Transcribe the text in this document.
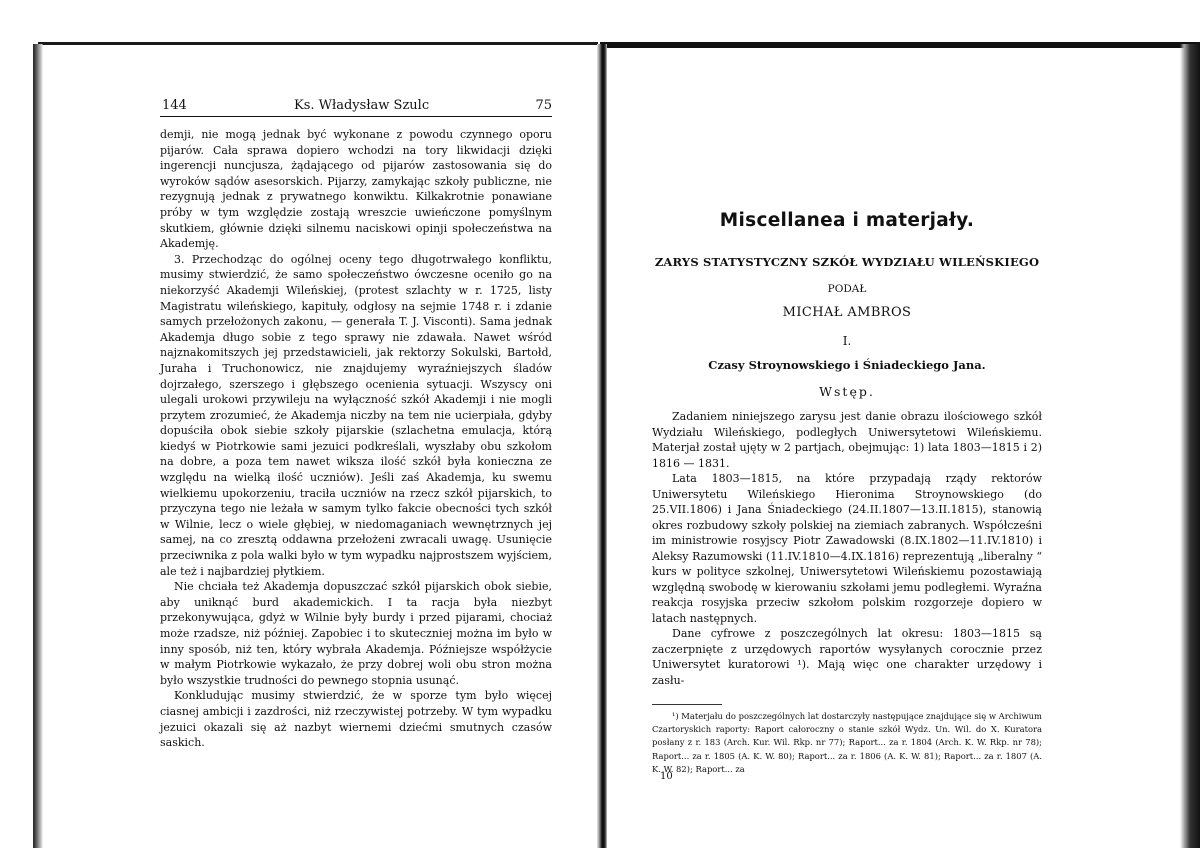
144	Ks. Władysław Szulc	75

demji, nie mogą jednak być wykonane z powodu czynnego oporu pijarów. Cała sprawa dopiero wchodzi na tory likwidacji dzięki ingerencji nuncjusza, żądającego od pijarów zastosowania się do wyroków sądów asesorskich. Pijarzy, zamykając szkoły publiczne, nie rezygnują jednak z prywatnego konwiktu. Kilkakrotnie ponawiane próby w tym względzie zostają wreszcie uwieńczone pomyślnym skutkiem, głównie dzięki silnemu naciskowi opinji społeczeństwa na Akademję.

3. Przechodząc do ogólnej oceny tego długotrwałego konfliktu, musimy stwierdzić, że samo społeczeństwo ówczesne oceniło go na niekorzyść Akademji Wileńskiej, (protest szlachty w r. 1725, listy Magistratu wileńskiego, kapituły, odgłosy na sejmie 1748 r. i zdanie samych przełożonych zakonu, — generała T. J. Visconti). Sama jednak Akademja długo sobie z tego sprawy nie zdawała. Nawet wśród najznakomitszych jej przedstawicieli, jak rektorzy Sokulski, Bartołd, Juraha i Truchonowicz, nie znajdujemy wyraźniejszych śladów dojrzałego, szerszego i głębszego ocenienia sytuacji. Wszyscy oni ulegali urokowi przywileju na wyłączność szkół Akademji i nie mogli przytem zrozumieć, że Akademja niczby na tem nie ucierpiała, gdyby dopuściła obok siebie szkoły pijarskie (szlachetna emulacja, którą kiedyś w Piotrkowie sami jezuici podkreślali, wyszłaby obu szkołom na dobre, a poza tem nawet wiksza ilość szkół była konieczna ze względu na wielką ilość uczniów). Jeśli zaś Akademja, ku swemu wielkiemu upokorzeniu, traciła uczniów na rzecz szkół pijarskich, to przyczyna tego nie leżała w samym tylko fakcie obecności tych szkół w Wilnie, lecz o wiele głębiej, w niedomaganiach wewnętrznych jej samej, na co zresztą oddawna przełożeni zwracali uwagę. Usunięcie przeciwnika z pola walki było w tym wypadku najprostszem wyjściem, ale też i najbardziej płytkiem.

Nie chciała też Akademja dopuszczać szkół pijarskich obok siebie, aby uniknąć burd akademickich. I ta racja była niezbyt przekonywująca, gdyż w Wilnie były burdy i przed pijarami, chociaż może rzadsze, niż później. Zapobiec i to skuteczniej można im było w inny sposób, niż ten, który wybrała Akademja. Późniejsze współżycie w małym Piotrkowie wykazało, że przy dobrej woli obu stron można było wszystkie trudności do pewnego stopnia usunąć.

Konkludując musimy stwierdzić, że w sporze tym było więcej ciasnej ambicji i zazdrości, niż rzeczywistej potrzeby. W tym wypadku jezuici okazali się aż nazbyt wiernemi dziećmi smutnych czasów saskich.

Miscellanea i materjały.
ZARYS STATYSTYCZNY SZKÓŁ WYDZIAŁU WILEŃSKIEGO
PODAŁ
MICHAŁ AMBROS
I.
Czasy Stroynowskiego i Śniadeckiego Jana.
Wstęp.

Zadaniem niniejszego zarysu jest danie obrazu ilościowego szkół Wydziału Wileńskiego, podległych Uniwersytetowi Wileńskiemu. Materjał został ujęty w 2 partjach, obejmując: 1) lata 1803—1815 i 2) 1816 — 1831.

Lata 1803—1815, na które przypadają rządy rektorów Uniwersytetu Wileńskiego Hieronima Stroynowskiego (do 25.VII.1806) i Jana Śniadeckiego (24.II.1807—13.II.1815), stanowią okres rozbudowy szkoły polskiej na ziemiach zabranych. Współcześni im ministrowie rosyjscy Piotr Zawadowski (8.IX.1802—11.IV.1810) i Aleksy Razumowski (11.IV.1810—4.IX.1816) reprezentują „liberalny “ kurs w polityce szkolnej, Uniwersytetowi Wileńskiemu pozostawiają względną swobodę w kierowaniu szkołami jemu podległemi. Wyraźna reakcja rosyjska przeciw szkołom polskim rozgorzeje dopiero w latach następnych.

Dane cyfrowe z poszczególnych lat okresu: 1803—1815 są zaczerpnięte z urzędowych raportów wysyłanych corocznie przez Uniwersytet kuratorowi ¹). Mają więc one charakter urzędowy i zasłu-

¹) Materjału do poszczególnych lat dostarczyły następujące znajdujące się w Archiwum Czartoryskich raporty: Raport całoroczny o stanie szkół Wydz. Un. Wil. do X. Kuratora posłany z r. 183 (Arch. Kur. Wil. Rkp. nr 77); Raport... za r. 1804 (Arch. K. W. Rkp. nr 78); Raport... za r. 1805 (A. K. W. 80); Raport... za r. 1806 (A. K. W. 81); Raport... za r. 1807 (A. K. W. 82); Raport... za

10
